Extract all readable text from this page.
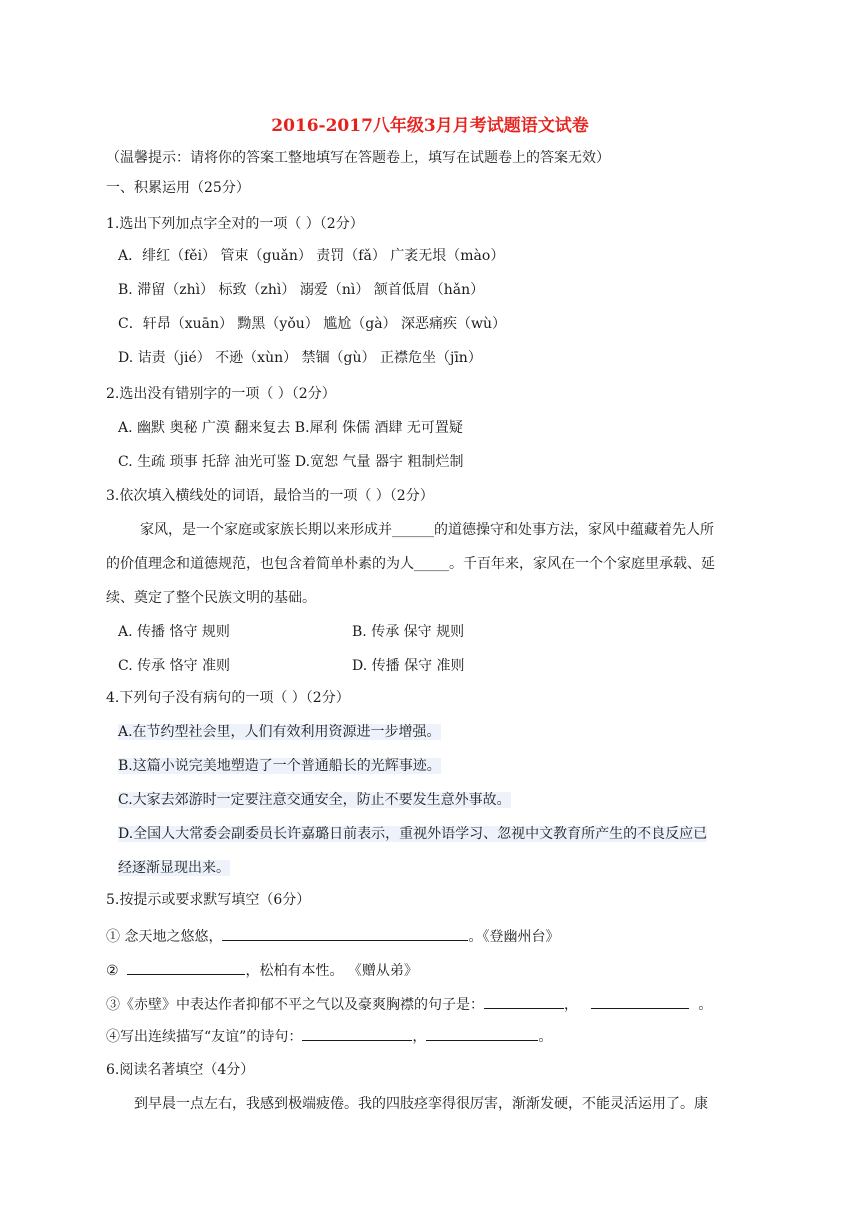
2016-2017八年级3月月考试题语文试卷
（温馨提示：请将你的答案工整地填写在答题卷上，填写在试题卷上的答案无效）
一、积累运用（25分）
1.选出下列加点字全对的一项（ ）（2分）
A．绯红（fěi） 管束（guǎn） 责罚（fǎ） 广袤无垠（mào）
B. 滞留（zhì） 标致（zhì） 溺爱（nì） 颔首低眉（hǎn）
C．轩昂（xuān） 黝黑（yǒu） 尴尬（gà） 深恶痛疾（wù）
D. 诘责（jié） 不逊（xùn） 禁锢（gù） 正襟危坐（jīn）
2.选出没有错别字的一项（ ）（2分）
A. 幽默 奥秘 广漠 翻来复去 B.犀利 侏儒 酒肆 无可置疑
C. 生疏 琐事 托辞 油光可鉴 D.宽恕 气量 器宇 粗制烂制
3.依次填入横线处的词语，最恰当的一项（ ）（2分）
家风，是一个家庭或家族长期以来形成并______的道德操守和处事方法，家风中蕴藏着先人所
的价值理念和道德规范，也包含着简单朴素的为人_____。千百年来，家风在一个个家庭里承载、延
续、奠定了整个民族文明的基础。
A. 传播 恪守 规则	B. 传承 保守 规则
C. 传承 恪守 准则	D. 传播 保守 准则
4.下列句子没有病句的一项（ ）（2分）
A.在节约型社会里，人们有效利用资源进一步增强。
B.这篇小说完美地塑造了一个普通船长的光辉事迹。
C.大家去郊游时一定要注意交通安全，防止不要发生意外事故。
D.全国人大常委会副委员长许嘉璐日前表示，重视外语学习、忽视中文教育所产生的不良反应已
经逐渐显现出来。
5.按提示或要求默写填空（6分）
① 念天地之悠悠，	。《登幽州台》
②	，松柏有本性。 《赠从弟》
③《赤壁》中表达作者抑郁不平之气以及豪爽胸襟的句子是：	，	。
④写出连续描写“友谊”的诗句：	，	。
6.阅读名著填空（4分）
到早晨一点左右，我感到极端疲倦。我的四肢痉挛得很厉害，渐渐发硬，不能灵活运用了。康
